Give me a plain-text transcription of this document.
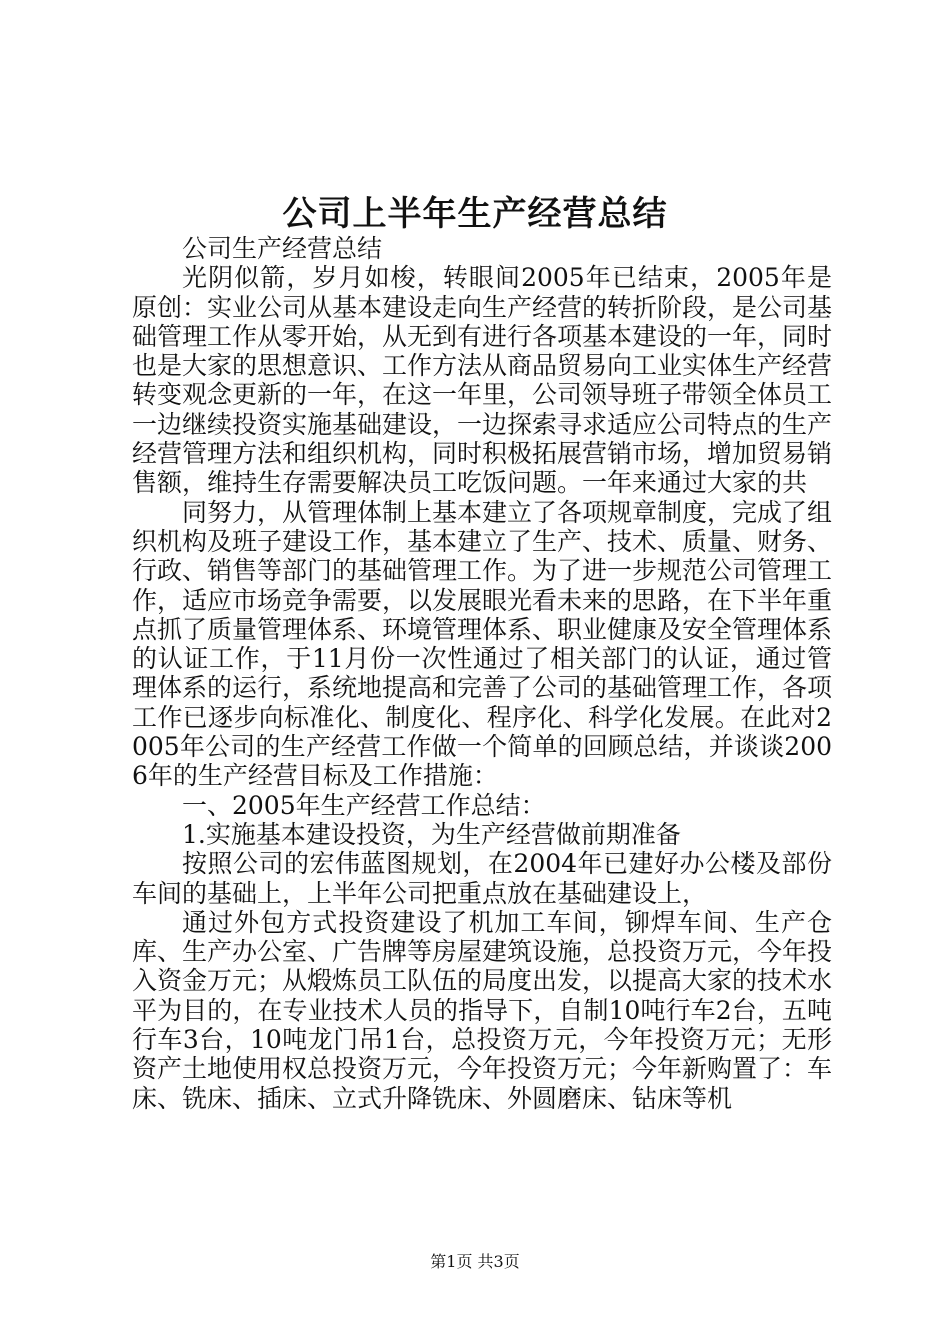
公司上半年生产经营总结

公司生产经营总结

光阴似箭，岁月如梭，转眼间2005年已结束，2005年是原创：实业公司从基本建设走向生产经营的转折阶段，是公司基础管理工作从零开始，从无到有进行各项基本建设的一年，同时也是大家的思想意识、工作方法从商品贸易向工业实体生产经营转变观念更新的一年，在这一年里，公司领导班子带领全体员工一边继续投资实施基础建设，一边探索寻求适应公司特点的生产经营管理方法和组织机构，同时积极拓展营销市场，增加贸易销售额，维持生存需要解决员工吃饭问题。一年来通过大家的共

同努力，从管理体制上基本建立了各项规章制度，完成了组织机构及班子建设工作，基本建立了生产、技术、质量、财务、行政、销售等部门的基础管理工作。为了进一步规范公司管理工作，适应市场竞争需要，以发展眼光看未来的思路，在下半年重点抓了质量管理体系、环境管理体系、职业健康及安全管理体系的认证工作，于11月份一次性通过了相关部门的认证，通过管理体系的运行，系统地提高和完善了公司的基础管理工作，各项工作已逐步向标准化、制度化、程序化、科学化发展。在此对2005年公司的生产经营工作做一个简单的回顾总结，并谈谈2006年的生产经营目标及工作措施：

一、2005年生产经营工作总结：

1.实施基本建设投资，为生产经营做前期准备

按照公司的宏伟蓝图规划，在2004年已建好办公楼及部份车间的基础上，上半年公司把重点放在基础建设上，

通过外包方式投资建设了机加工车间，铆焊车间、生产仓库、生产办公室、广告牌等房屋建筑设施，总投资万元，今年投入资金万元；从煅炼员工队伍的局度出发，以提高大家的技术水平为目的，在专业技术人员的指导下，自制10吨行车2台，五吨行车3台，10吨龙门吊1台，总投资万元，今年投资万元；无形资产土地使用权总投资万元，今年投资万元；今年新购置了：车床、铣床、插床、立式升降铣床、外圆磨床、钻床等机

第1页 共3页
